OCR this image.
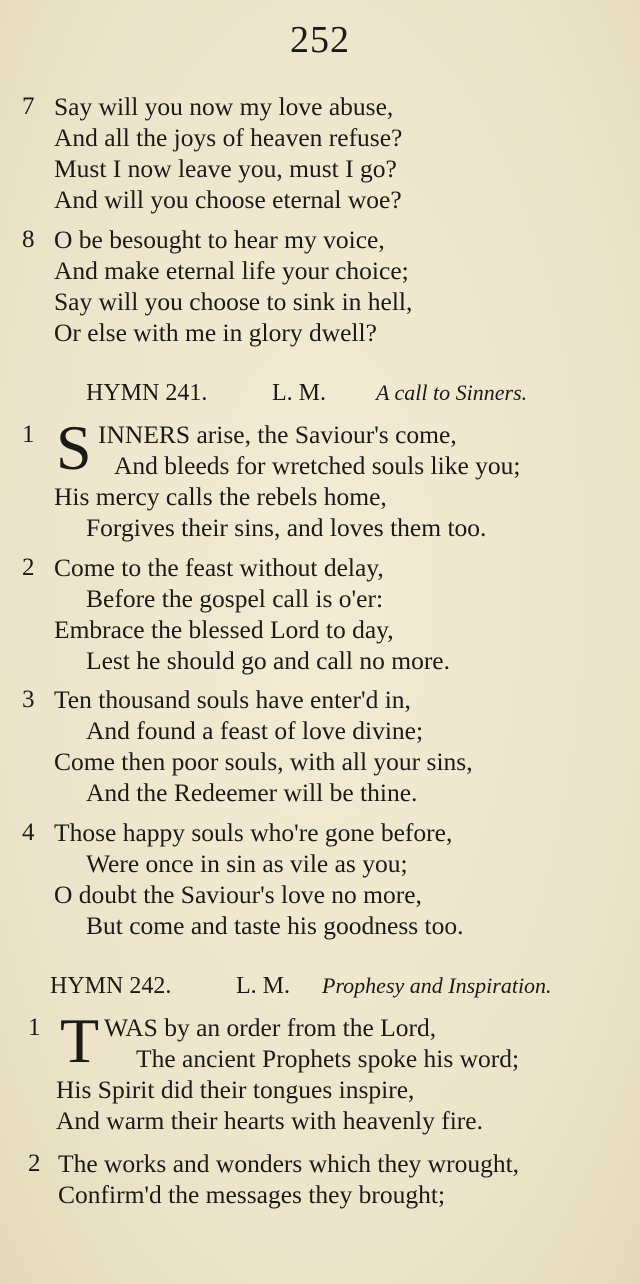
252
7 Say will you now my love abuse,
And all the joys of heaven refuse?
Must I now leave you, must I go?
And will you choose eternal woe?
8 O be besought to hear my voice,
And make eternal life your choice;
Say will you choose to sink in hell,
Or else with me in glory dwell?
HYMN 241.	L. M. A call to Sinners.
1 S INNERS arise, the Saviour's come,
And bleeds for wretched souls like you;
His mercy calls the rebels home,
Forgives their sins, and loves them too.
2 Come to the feast without delay,
Before the gospel call is o'er:
Embrace the blessed Lord to day,
Lest he should go and call no more.
3 Ten thousand souls have enter'd in,
And found a feast of love divine;
Come then poor souls, with all your sins,
And the Redeemer will be thine.
4 Those happy souls who're gone before,
Were once in sin as vile as you;
O doubt the Saviour's love no more,
But come and taste his goodness too.
HYMN 242.	L. M. Prophesy and Inspiration.
1 T WAS by an order from the Lord,
The ancient Prophets spoke his word;
His Spirit did their tongues inspire,
And warm their hearts with heavenly fire.
2 The works and wonders which they wrought,
Confirm'd the messages they brought;
